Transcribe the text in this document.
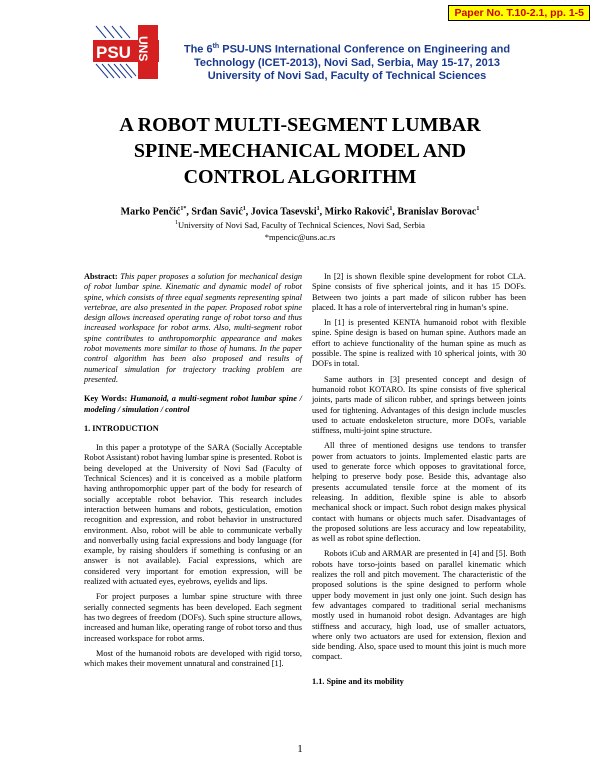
Paper No. T.10-2.1, pp. 1-5
PSU UNS	The 6th PSU-UNS International Conference on Engineering and
Technology (ICET-2013), Novi Sad, Serbia, May 15-17, 2013
University of Novi Sad, Faculty of Technical Sciences
A ROBOT MULTI-SEGMENT LUMBAR
SPINE-MECHANICAL MODEL AND
CONTROL ALGORITHM
Marko Penčić$^{1*}$, Srđan Savić$^1$, Jovica Tasevski$^1$, Mirko Raković$^1$, Branislav Borovac$^1$
$^1$University of Novi Sad, Faculty of Technical Sciences, Novi Sad, Serbia
*mpencic@uns.ac.rs

Abstract: This paper proposes a solution for mechanical design of robot lumbar spine. Kinematic and dynamic model of robot spine, which consists of three equal segments representing spinal vertebrae, are also presented in the paper. Proposed robot spine design allows increased operating range of robot torso and thus increased workspace for robot arms. Also, multi-segment robot spine contributes to anthropomorphic appearance and makes robot movements more similar to those of humans. In the paper control algorithm has been also proposed and results of numerical simulation for trajectory tracking problem are presented.

Key Words: Humanoid, a multi-segment robot lumbar spine / modeling / simulation / control

1. INTRODUCTION

In this paper a prototype of the SARA (Socially Acceptable Robot Assistant) robot having lumbar spine is presented. Robot is being developed at the University of Novi Sad (Faculty of Technical Sciences) and it is conceived as a mobile platform having anthropomorphic upper part of the body for research of socially acceptable robot behavior. This research includes interaction between humans and robots, gesticulation, emotion recognition and expression, and robot behavior in unstructured environment. Also, robot will be able to communicate verbally and nonverbally using facial expressions and body language (for example, by raising shoulders if something is confusing or an answer is not available). Facial expressions, which are considered very important for emotion expression, will be realized with actuated eyes, eyebrows, eyelids and lips.

For project purposes a lumbar spine structure with three serially connected segments has been developed. Each segment has two degrees of freedom (DOFs). Such spine structure allows, increased and human like, operating range of robot torso and thus increased workspace for robot arms.

Most of the humanoid robots are developed with rigid torso, which makes their movement unnatural and constrained [1].

In [2] is shown flexible spine development for robot CLA. Spine consists of five spherical joints, and it has 15 DOFs. Between two joints a part made of silicon rubber has been placed. It has a role of intervertebral ring in human’s spine.

In [1] is presented KENTA humanoid robot with flexible spine. Spine design is based on human spine. Authors made an effort to achieve functionality of the human spine as much as possible. The spine is realized with 10 spherical joints, with 30 DOFs in total.

Same authors in [3] presented concept and design of humanoid robot KOTARO. Its spine consists of five spherical joints, parts made of silicon rubber, and springs between joints used for tightening. Advantages of this design include muscles used to actuate endoskeleton structure, more DOFs, variable stiffness, multi-joint spine structure.

All three of mentioned designs use tendons to transfer power from actuators to joints. Implemented elastic parts are used to generate force which opposes to gravitational force, helping to preserve body pose. Beside this, advantage also presents accumulated tensile force at the moment of its releasing. In addition, flexible spine is able to absorb mechanical shock or impact. Such robot design makes physical contact with humans or objects much safer. Disadvantages of the proposed solutions are less accuracy and low repeatability, as well as robot spine deflection.

Robots iCub and ARMAR are presented in [4] and [5]. Both robots have torso-joints based on parallel kinematic which realizes the roll and pitch movement. The characteristic of the proposed solutions is the spine designed to perform whole upper body movement in just only one joint. Such design has few advantages compared to traditional serial mechanisms mostly used in humanoid robot design. Advantages are high stiffness and accuracy, high load, use of smaller actuators, where only two actuators are used for extension, flexion and side bending. Also, space used to mount this joint is much more compact.

1.1. Spine and its mobility

1
